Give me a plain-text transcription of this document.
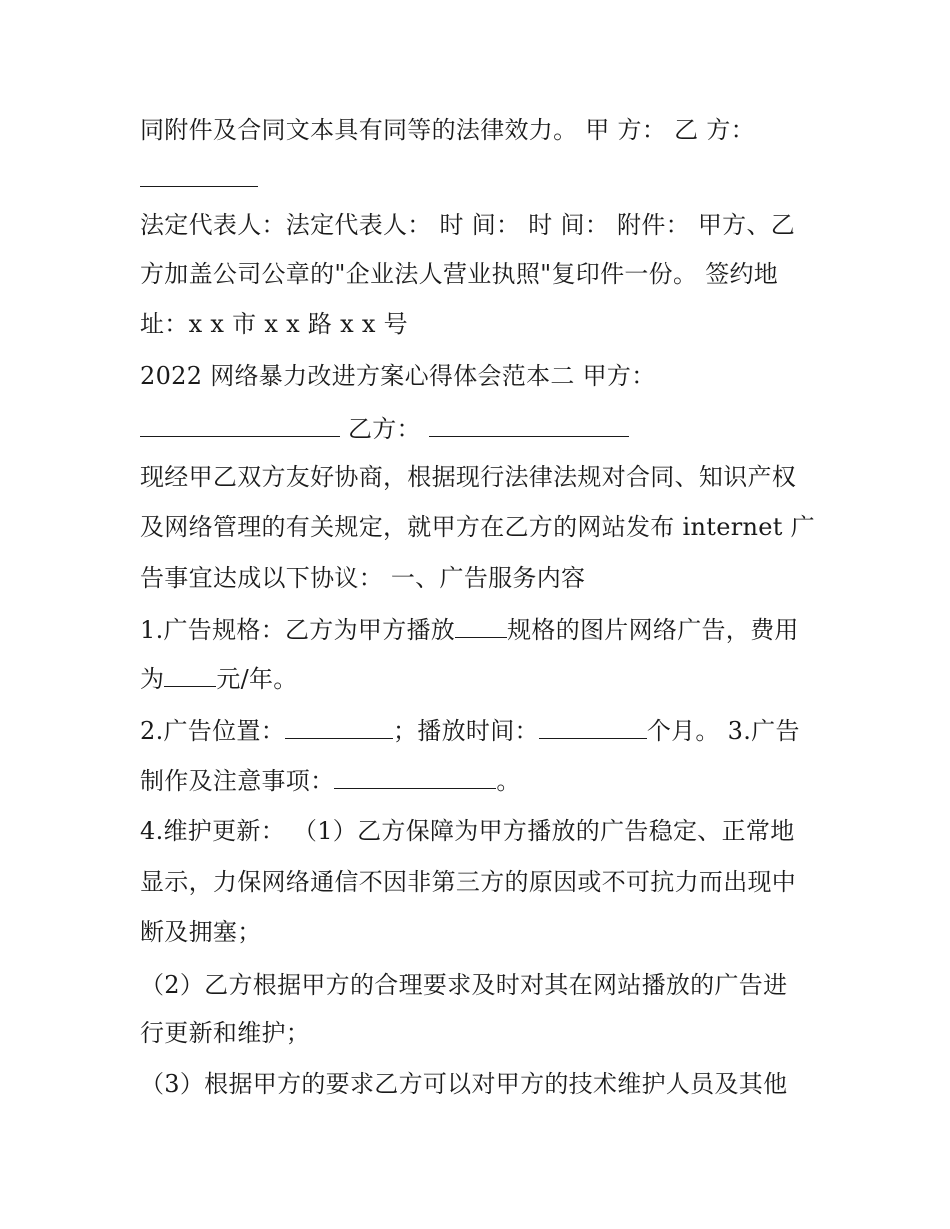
同附件及合同文本具有同等的法律效力。 甲 方： 乙 方：
法定代表人：法定代表人： 时 间： 时 间： 附件： 甲方、乙
方加盖公司公章的"企业法人营业执照"复印件一份。 签约地
址：x x 市 x x 路 x x 号
2022 网络暴力改进方案心得体会范本二 甲方：
乙方：
现经甲乙双方友好协商，根据现行法律法规对合同、知识产权
及网络管理的有关规定，就甲方在乙方的网站发布 internet 广
告事宜达成以下协议： 一、广告服务内容
1.广告规格：乙方为甲方播放 规格的图片网络广告，费用
为 元/年。
2.广告位置：	；播放时间：	个月。 3.广告
制作及注意事项：	。
4.维护更新： （1）乙方保障为甲方播放的广告稳定、正常地
显示，力保网络通信不因非第三方的原因或不可抗力而出现中
断及拥塞；
（2）乙方根据甲方的合理要求及时对其在网站播放的广告进
行更新和维护；
（3）根据甲方的要求乙方可以对甲方的技术维护人员及其他
